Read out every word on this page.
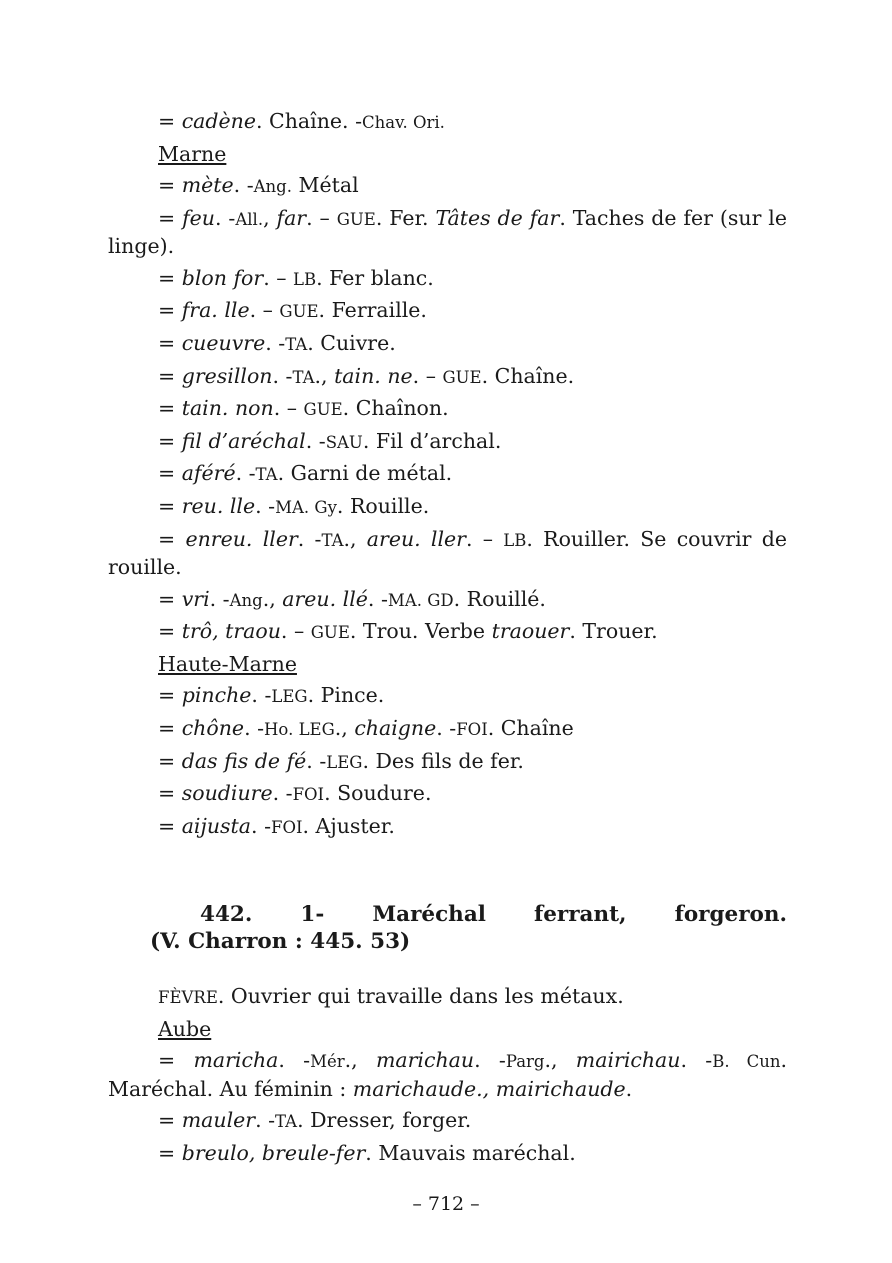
= cadène. Chaîne. -Chav. Ori.
Marne
= mète. -Ang. Métal
= feu. -All., far. – GUE. Fer. Tâtes de far. Taches de fer (sur le linge).
= blon for. – LB. Fer blanc.
= fra. lle. – GUE. Ferraille.
= cueuvre. -TA. Cuivre.
= gresillon. -TA., tain. ne. – GUE. Chaîne.
= tain. non. – GUE. Chaînon.
= fil d’aréchal. -SAU. Fil d’archal.
= aféré. -TA. Garni de métal.
= reu. lle. -MA. Gy. Rouille.
= enreu. ller. -TA., areu. ller. – LB. Rouiller. Se couvrir de rouille.
= vri. -Ang., areu. llé. -MA. GD. Rouillé.
= trô, traou. – GUE. Trou. Verbe traouer. Trouer.
Haute-Marne
= pinche. -LEG. Pince.
= chône. -Ho. LEG., chaigne. -FOI. Chaîne
= das fis de fé. -LEG. Des fils de fer.
= soudiure. -FOI. Soudure.
= aijusta. -FOI. Ajuster.
442. 1- Maréchal ferrant, forgeron.
(V. Charron : 445. 53)
FÈVRE. Ouvrier qui travaille dans les métaux.
Aube
= maricha. -Mér., marichau. -Parg., mairichau. -B. Cun. Maréchal. Au féminin : marichaude., mairichaude.
= mauler. -TA. Dresser, forger.
= breulo, breule-fer. Mauvais maréchal.
– 712 –
